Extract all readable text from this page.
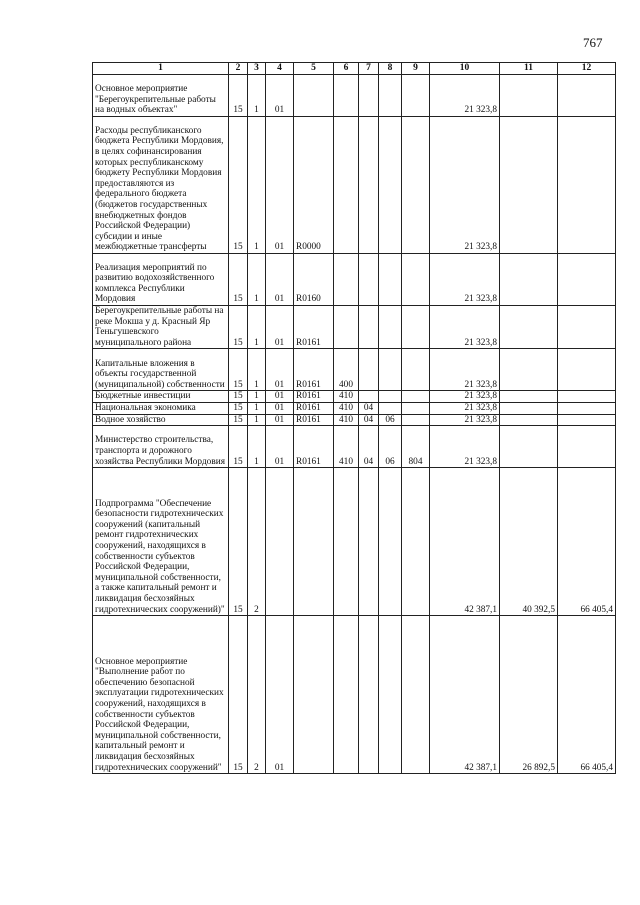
767
1	2	3	4	5	6	7	8	9	10	11	12

Основное мероприятие "Берегоукрепительные работы на водных объектах"	15	1	01						21 323,8		

Расходы республиканского бюджета Республики Мордовия, в целях софинансирования которых республиканскому бюджету Республики Мордовия предоставляются из федерального бюджета (бюджетов государственных внебюджетных фондов Российской Федерации) субсидии и иные межбюджетные трансферты	15	1	01	R0000					21 323,8		

Реализация мероприятий по развитию водохозяйственного комплекса Республики Мордовия	15	1	01	R0160					21 323,8		

Берегоукрепительные работы на реке Мокша у д. Красный Яр Теньгушевского муниципального района	15	1	01	R0161					21 323,8		

Капитальные вложения в объекты государственной (муниципальной) собственности	15	1	01	R0161	400				21 323,8		

Бюджетные инвестиции	15	1	01	R0161	410				21 323,8		

Национальная экономика	15	1	01	R0161	410	04			21 323,8		

Водное хозяйство	15	1	01	R0161	410	04	06		21 323,8		

Министерство строительства, транспорта и дорожного хозяйства Республики Мордовия	15	1	01	R0161	410	04	06	804	21 323,8		

Подпрограмма "Обеспечение безопасности гидротехнических сооружений (капитальный ремонт гидротехнических сооружений, находящихся в собственности субъектов Российской Федерации, муниципальной собственности, а также капитальный ремонт и ликвидация бесхозяйных гидротехнических сооружений)"	15	2							42 387,1	40 392,5	66 405,4

Основное мероприятие "Выполнение работ по обеспечению безопасной эксплуатации гидротехнических сооружений, находящихся в собственности субъектов Российской Федерации, муниципальной собственности, капитальный ремонт и ликвидация бесхозяйных гидротехнических сооружений"	15	2	01						42 387,1	26 892,5	66 405,4
